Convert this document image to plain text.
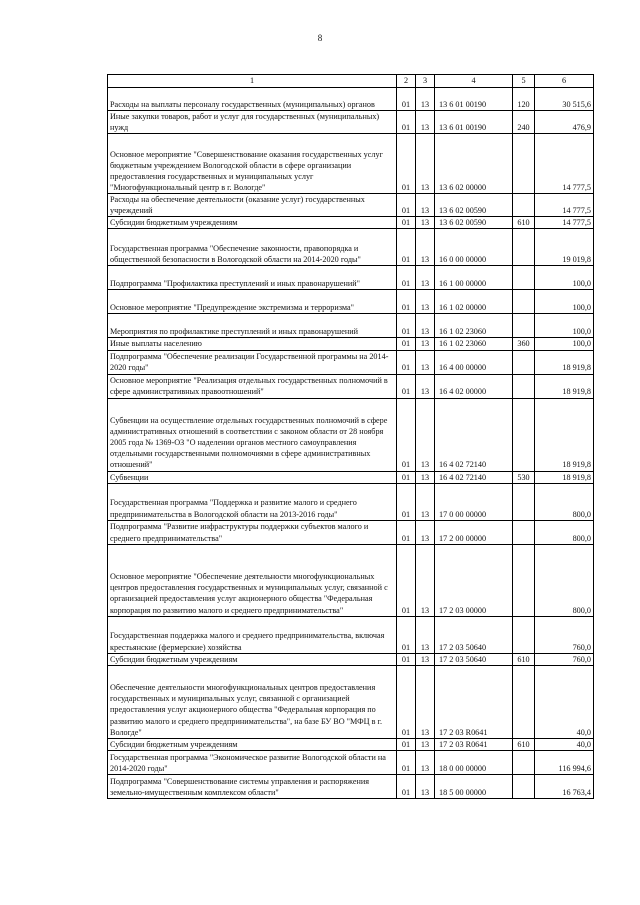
8
1	2	3	4	5	6
Расходы на выплаты персоналу государственных (муниципальных) органов	01	13	13 6 01 00190	120	30 515,6
Иные закупки товаров, работ и услуг для государственных (муниципальных) нужд	01	13	13 6 01 00190	240	476,9
Основное мероприятие "Совершенствование оказания государственных услуг бюджетным учреждением Вологодской области в сфере организации предоставления государственных и муниципальных услуг "Многофункциональный центр в г. Вологде"	01	13	13 6 02 00000		14 777,5
Расходы на обеспечение деятельности (оказание услуг) государственных учреждений	01	13	13 6 02 00590		14 777,5
Субсидии бюджетным учреждениям	01	13	13 6 02 00590	610	14 777,5
Государственная программа "Обеспечение законности, правопорядка и общественной безопасности в Вологодской области на 2014-2020 годы"	01	13	16 0 00 00000		19 019,8
Подпрограмма "Профилактика преступлений и иных правонарушений"	01	13	16 1 00 00000		100,0
Основное мероприятие "Предупреждение экстремизма и терроризма"	01	13	16 1 02 00000		100,0
Мероприятия по профилактике преступлений и иных правонарушений	01	13	16 1 02 23060		100,0
Иные выплаты населению	01	13	16 1 02 23060	360	100,0
Подпрограмма "Обеспечение реализации Государственной программы на 2014-2020 годы"	01	13	16 4 00 00000		18 919,8
Основное мероприятие "Реализация отдельных государственных полномочий в сфере административных правоотношений"	01	13	16 4 02 00000		18 919,8
Субвенции на осуществление отдельных государственных полномочий в сфере административных отношений в соответствии с законом области от 28 ноября 2005 года № 1369-ОЗ "О наделении органов местного самоуправления отдельными государственными полномочиями в сфере административных отношений"	01	13	16 4 02 72140		18 919,8
Субвенции	01	13	16 4 02 72140	530	18 919,8
Государственная программа "Поддержка и развитие малого и среднего предпринимательства в Вологодской области на 2013-2016 годы"	01	13	17 0 00 00000		800,0
Подпрограмма "Развитие инфраструктуры поддержки субъектов малого и среднего предпринимательства"	01	13	17 2 00 00000		800,0
Основное мероприятие "Обеспечение деятельности многофункциональных центров предоставления государственных и муниципальных услуг, связанной с организацией предоставления услуг акционерного общества "Федеральная корпорация по развитию малого и среднего предпринимательства"	01	13	17 2 03 00000		800,0
Государственная поддержка малого и среднего предпринимательства, включая крестьянские (фермерские) хозяйства	01	13	17 2 03 50640		760,0
Субсидии бюджетным учреждениям	01	13	17 2 03 50640	610	760,0
Обеспечение деятельности многофункциональных центров предоставления государственных и муниципальных услуг, связанной с организацией предоставления услуг акционерного общества "Федеральная корпорация по развитию малого и среднего предпринимательства", на базе БУ ВО "МФЦ в г. Вологде"	01	13	17 2 03 R0641		40,0
Субсидии бюджетным учреждениям	01	13	17 2 03 R0641	610	40,0
Государственная программа "Экономическое развитие Вологодской области на 2014-2020 годы"	01	13	18 0 00 00000		116 994,6
Подпрограмма "Совершенствование системы управления и распоряжения земельно-имущественным комплексом области"	01	13	18 5 00 00000		16 763,4
